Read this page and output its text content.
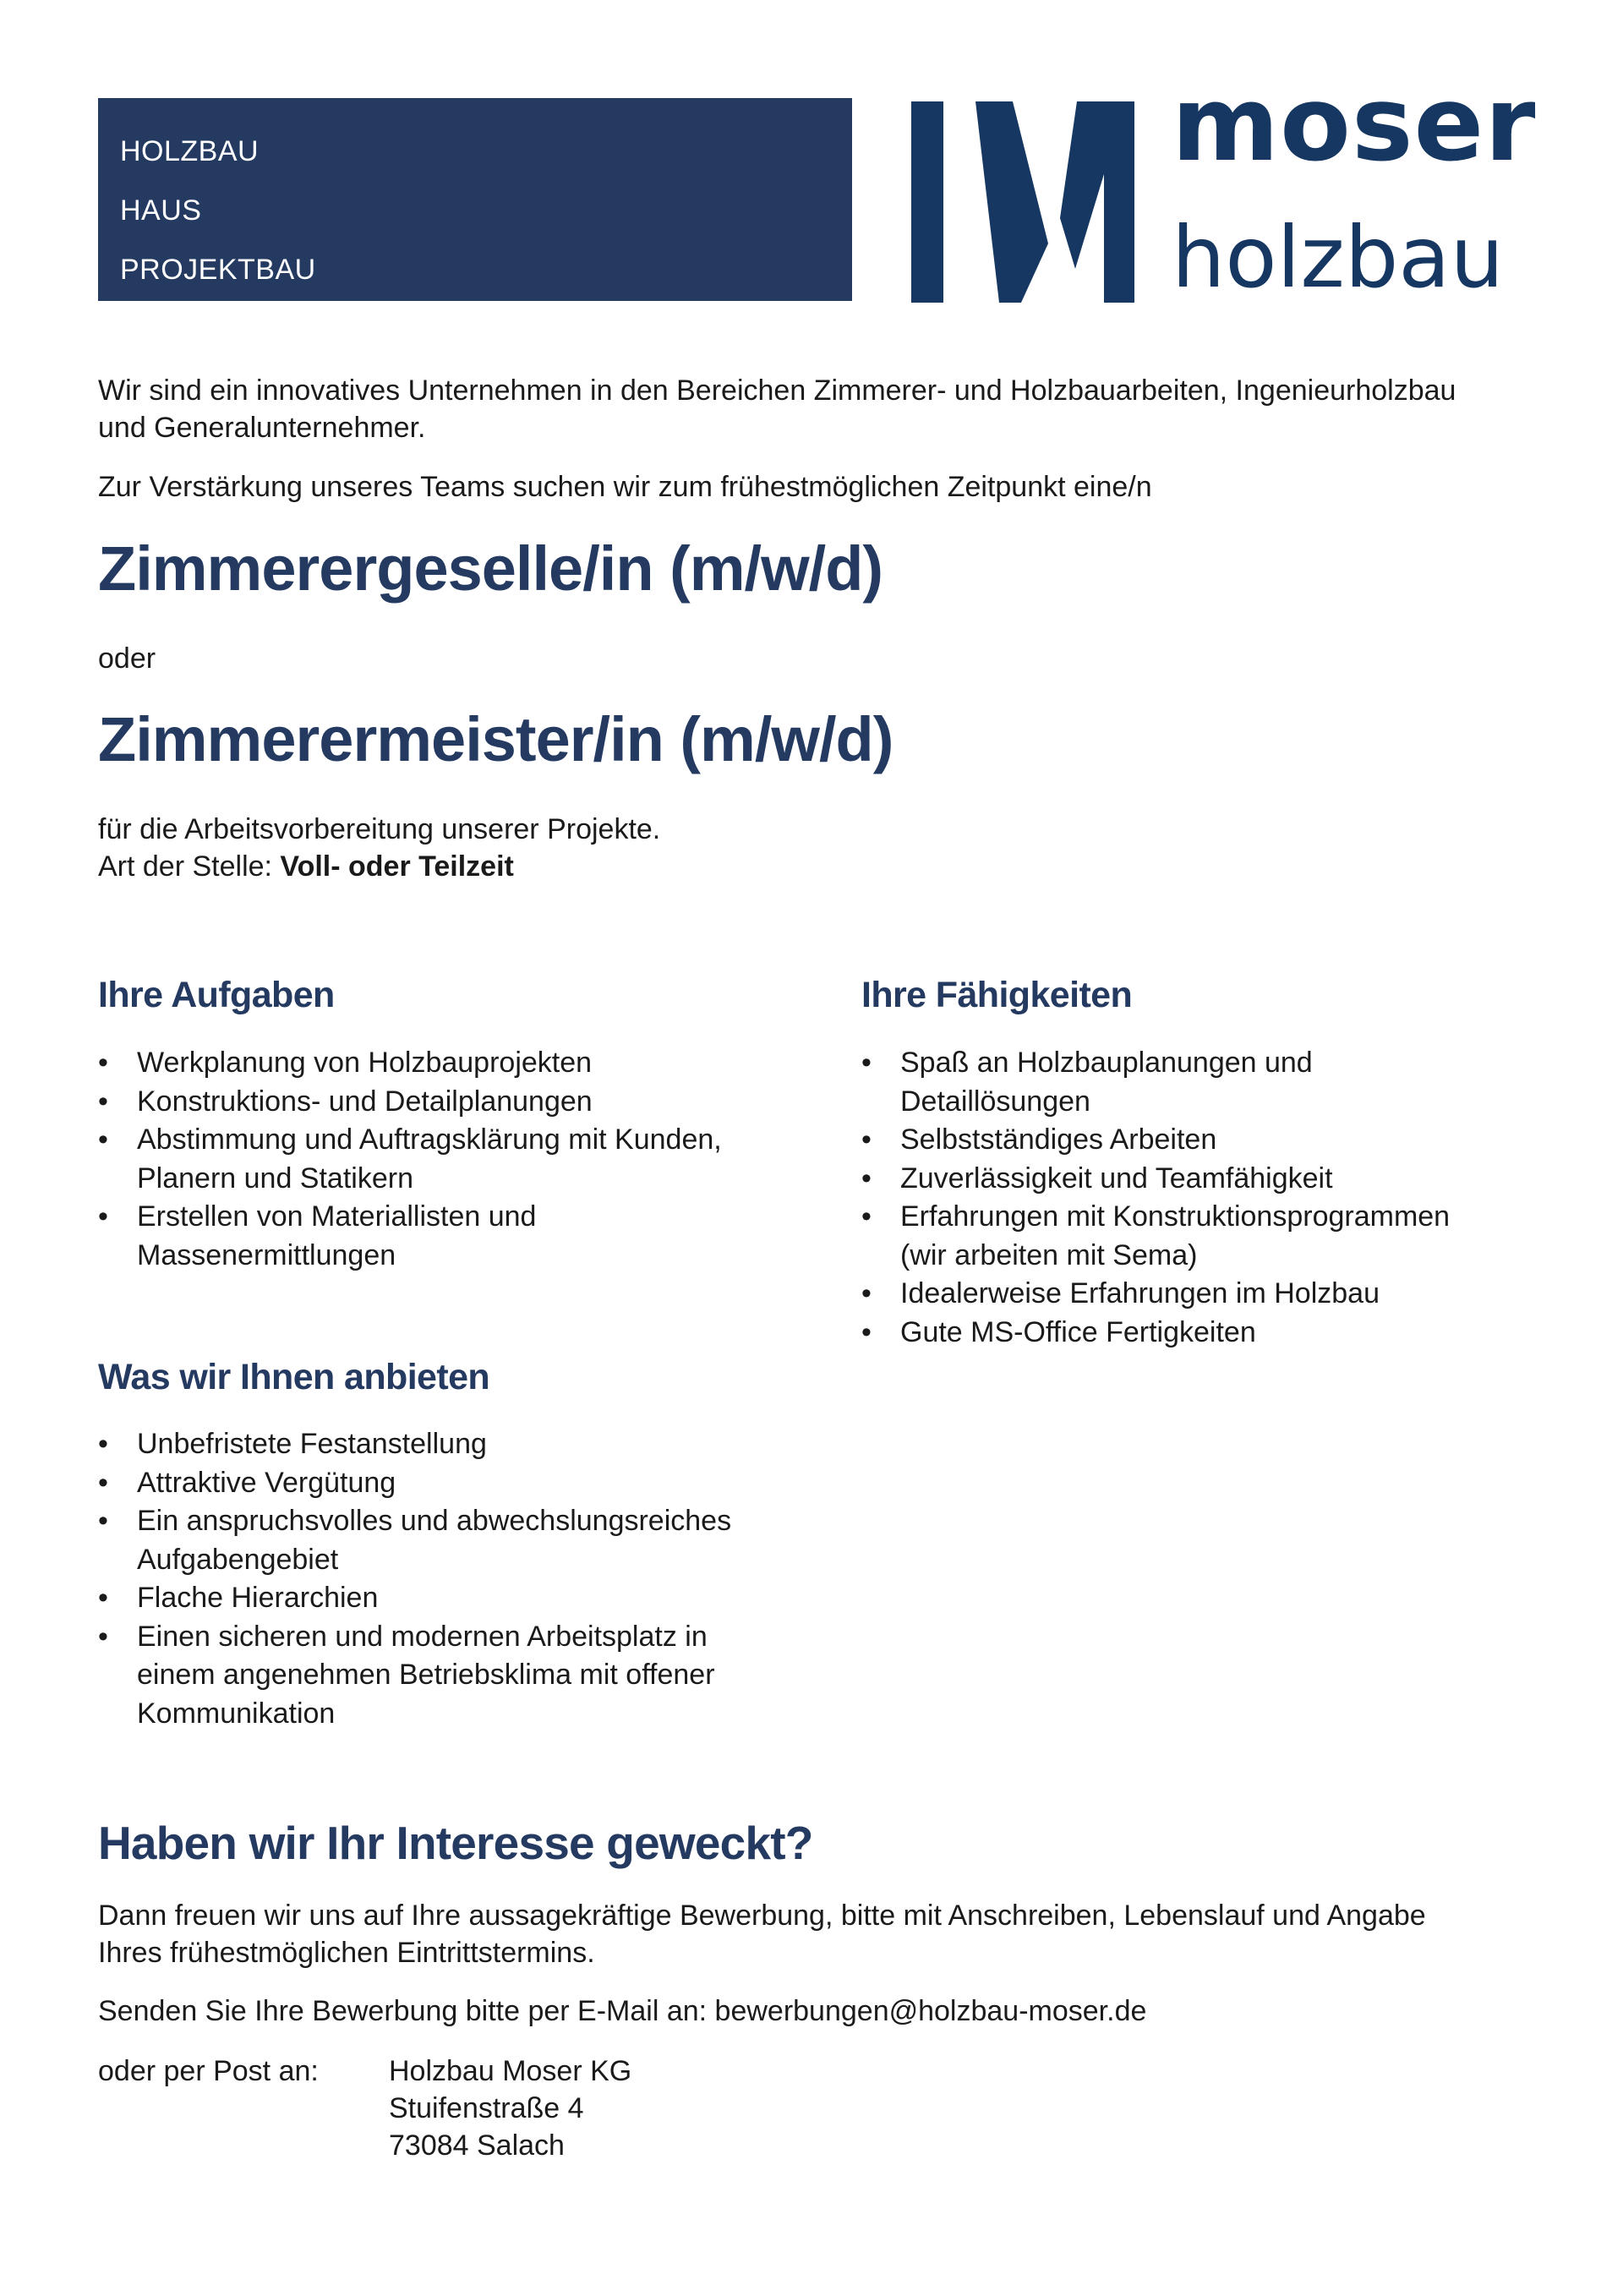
HOLZBAU
HAUS
PROJEKTBAU
moser
holzbau
Wir sind ein innovatives Unternehmen in den Bereichen Zimmerer- und Holzbauarbeiten, Ingenieurholzbau
und Generalunternehmer.
Zur Verstärkung unseres Teams suchen wir zum frühestmöglichen Zeitpunkt eine/n
Zimmerergeselle/in (m/w/d)
oder
Zimmerermeister/in (m/w/d)
für die Arbeitsvorbereitung unserer Projekte.
Art der Stelle: Voll- oder Teilzeit
Ihre Aufgaben
• Werkplanung von Holzbauprojekten
• Konstruktions- und Detailplanungen
• Abstimmung und Auftragsklärung mit Kunden,
Planern und Statikern
• Erstellen von Materiallisten und
Massenermittlungen
Ihre Fähigkeiten
• Spaß an Holzbauplanungen und
Detaillösungen
• Selbstständiges Arbeiten
• Zuverlässigkeit und Teamfähigkeit
• Erfahrungen mit Konstruktionsprogrammen
(wir arbeiten mit Sema)
• Idealerweise Erfahrungen im Holzbau
• Gute MS-Office Fertigkeiten
Was wir Ihnen anbieten
• Unbefristete Festanstellung
• Attraktive Vergütung
• Ein anspruchsvolles und abwechslungsreiches
Aufgabengebiet
• Flache Hierarchien
• Einen sicheren und modernen Arbeitsplatz in
einem angenehmen Betriebsklima mit offener
Kommunikation
Haben wir Ihr Interesse geweckt?
Dann freuen wir uns auf Ihre aussagekräftige Bewerbung, bitte mit Anschreiben, Lebenslauf und Angabe
Ihres frühestmöglichen Eintrittstermins.
Senden Sie Ihre Bewerbung bitte per E-Mail an: bewerbungen@holzbau-moser.de
oder per Post an: Holzbau Moser KG
Stuifenstraße 4
73084 Salach
